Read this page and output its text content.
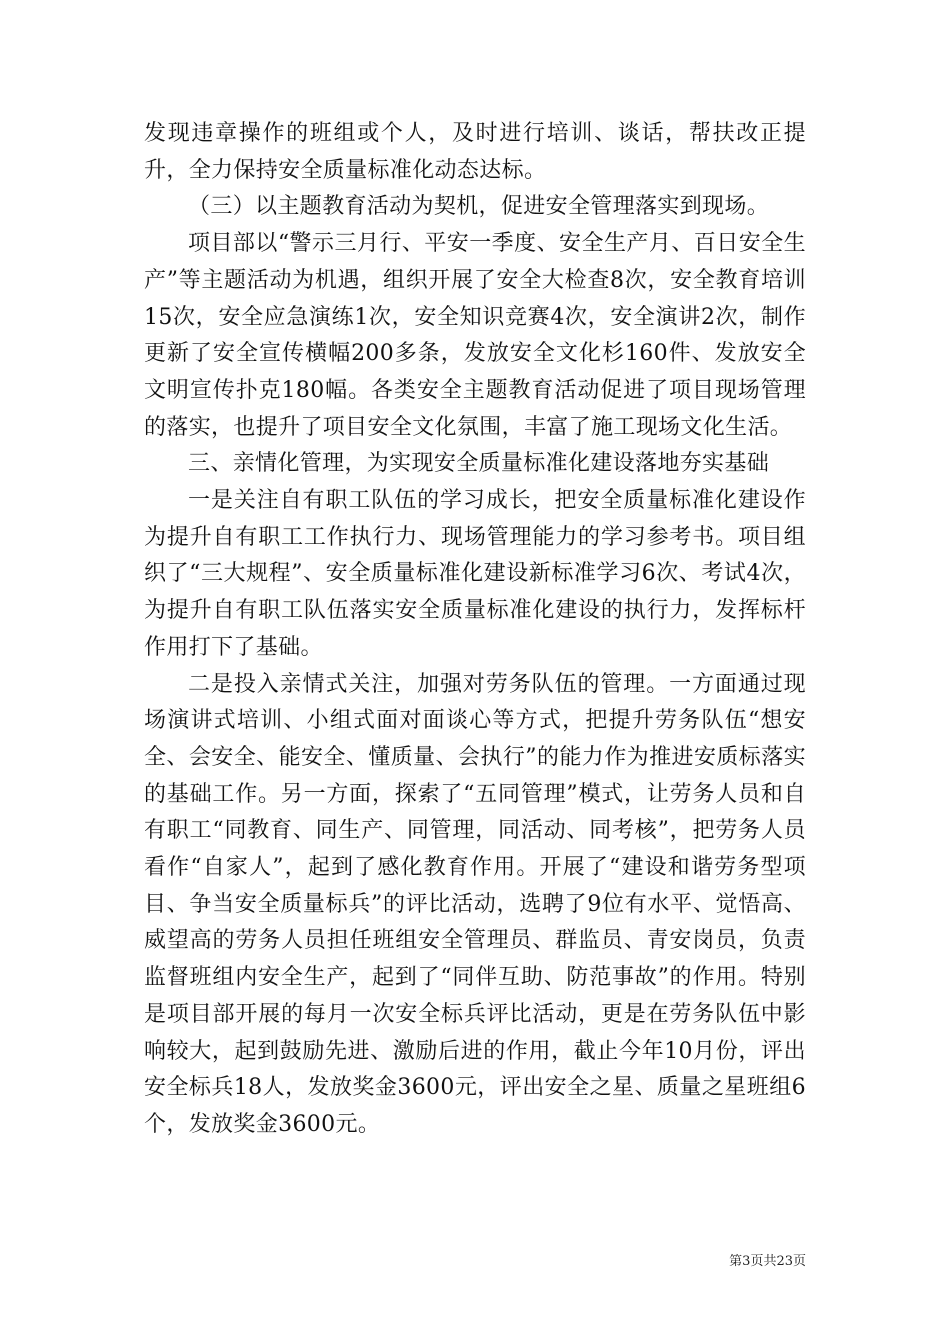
发现违章操作的班组或个人，及时进行培训、谈话，帮扶改正提升，全力保持安全质量标准化动态达标。

（三）以主题教育活动为契机，促进安全管理落实到现场。

项目部以“警示三月行、平安一季度、安全生产月、百日安全生产”等主题活动为机遇，组织开展了安全大检查8次，安全教育培训15次，安全应急演练1次，安全知识竞赛4次，安全演讲2次，制作更新了安全宣传横幅200多条，发放安全文化杉160件、发放安全文明宣传扑克180幅。各类安全主题教育活动促进了项目现场管理的落实，也提升了项目安全文化氛围，丰富了施工现场文化生活。

三、亲情化管理，为实现安全质量标准化建设落地夯实基础

一是关注自有职工队伍的学习成长，把安全质量标准化建设作为提升自有职工工作执行力、现场管理能力的学习参考书。项目组织了“三大规程”、安全质量标准化建设新标准学习6次、考试4次，为提升自有职工队伍落实安全质量标准化建设的执行力，发挥标杆作用打下了基础。

二是投入亲情式关注，加强对劳务队伍的管理。一方面通过现场演讲式培训、小组式面对面谈心等方式，把提升劳务队伍“想安全、会安全、能安全、懂质量、会执行”的能力作为推进安质标落实的基础工作。另一方面，探索了“五同管理”模式，让劳务人员和自有职工“同教育、同生产、同管理，同活动、同考核”，把劳务人员看作“自家人”，起到了感化教育作用。开展了“建设和谐劳务型项目、争当安全质量标兵”的评比活动，选聘了9位有水平、觉悟高、威望高的劳务人员担任班组安全管理员、群监员、青安岗员，负责监督班组内安全生产，起到了“同伴互助、防范事故”的作用。特别是项目部开展的每月一次安全标兵评比活动，更是在劳务队伍中影响较大，起到鼓励先进、激励后进的作用，截止今年10月份，评出安全标兵18人，发放奖金3600元，评出安全之星、质量之星班组6个，发放奖金3600元。

第3页共23页
